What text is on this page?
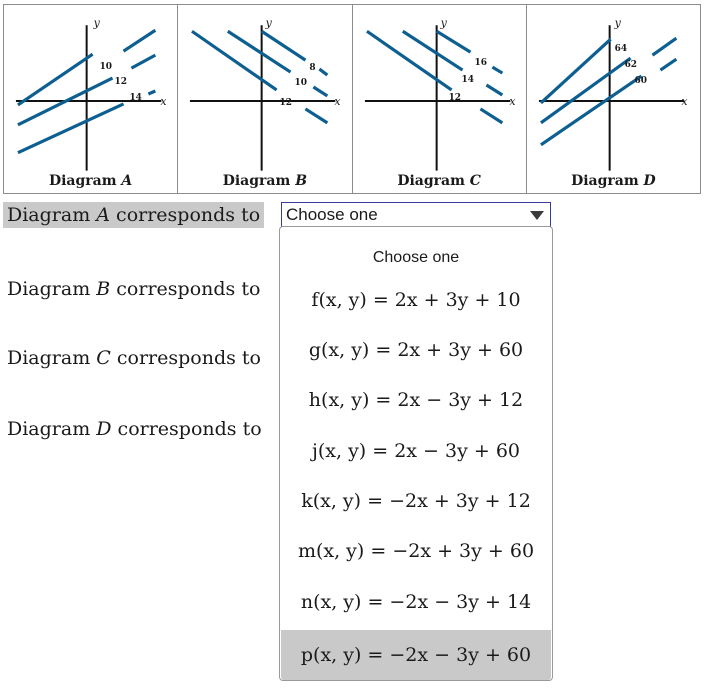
y
x
10
12
14
Diagram A
y
x
8
10
12
Diagram B
y
x
16
14
12
Diagram C
y
x
64
62
60
Diagram D
Diagram A corresponds to
Diagram B corresponds to
Diagram C corresponds to
Diagram D corresponds to
Choose one
Choose one
f(x, y) = 2x + 3y + 10
g(x, y) = 2x + 3y + 60
h(x, y) = 2x − 3y + 12
j(x, y) = 2x − 3y + 60
k(x, y) = −2x + 3y + 12
m(x, y) = −2x + 3y + 60
n(x, y) = −2x − 3y + 14
p(x, y) = −2x − 3y + 60
